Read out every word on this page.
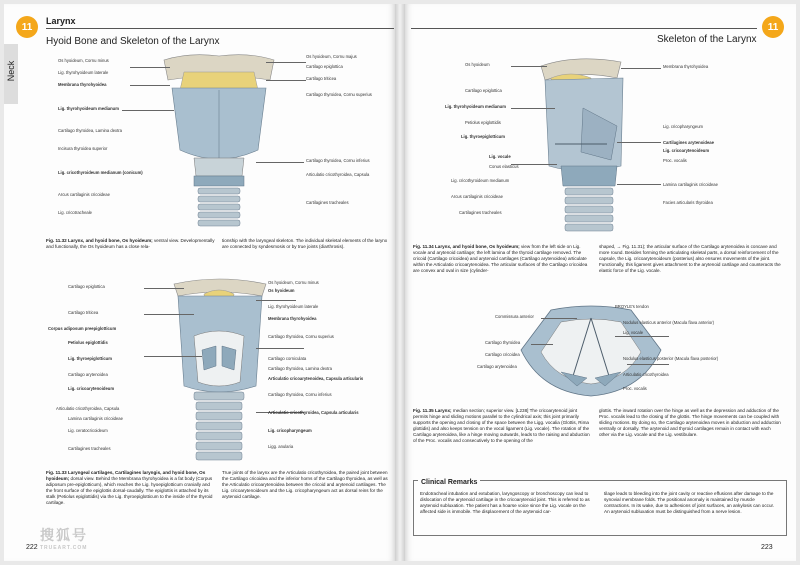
11
Larynx
Hyoid Bone and Skeleton of the Larynx
Neck
Os hyoideum, Cornu minus
Lig. thyrohyoideum laterale
Membrana thyrohyoidea
Lig. thyrohyoideum medianum
Cartilago thyroidea, Lamina dextra
Incisura thyroidea superior
Lig. cricothyroideum medianum (conicum)
Arcus cartilaginis cricoideae
Lig. cricotracheale
Os hyoideum, Cornu majus
Cartilago epiglottica
Cartilago triticea
Cartilago thyroidea, Cornu superius
Cartilago thyroidea, Cornu inferius
Articulatio cricothyroidea, Capsula
Cartilagines tracheales
Fig. 11.32 Larynx, and hyoid bone, Os hyoideum; ventral view. Developmentally and functionally, the Os hyoideum has a close rela-
tionship with the laryngeal skeleton. The individual skeletal elements of the larynx are connected by syndesmosis or by true joints (diarthrosis).
Cartilago epiglottica
Cartilago triticea
Corpus adiposum preepiglotticum
Petiolus epiglottidis
Lig. thyroepiglotticum
Cartilago arytenoidea
Lig. cricoarytenoideum
Articulatio cricothyroidea, Capsula
Lamina cartilaginis cricoideae
Lig. ceratocricoideum
Cartilagines tracheales
Os hyoideum, Cornu minus
Os hyoideum
Lig. thyrohyoideum laterale
Membrana thyrohyoidea
Cartilago thyroidea, Cornu superius
Cartilago corniculata
Cartilago thyroidea, Lamina dextra
Articulatio cricoarytenoidea, Capsula articularis
Cartilago thyroidea, Cornu inferius
Articulatio cricothyroidea, Capsula articularis
Lig. cricopharyngeum
Ligg. anularia
Fig. 11.33 Laryngeal cartilages, Cartilagines laryngis, and hyoid bone, Os hyoideum; dorsal view. Behind the Membrana thyrohyoidea is a fat body (Corpus adiposum pre-epiglotticum), which reaches the Lig. hyoepiglotticum cranially and the front surface of the epiglottis dorsal-caudally. The epiglottis is attached by its stalk (Petiolus epiglottidis) via the Lig. thyroepiglotticum to the inside of the thyroid cartilage.
True joints of the larynx are the Articulatio cricothyroidea, the paired joint between the Cartilago cricoidea and the inferior horns of the Cartilago thyroidea, as well as the Articulatio cricoarytenoidea between the cricoid and arytenoid cartilages. The Lig. cricoarytenoideum and the Lig. cricopharyngeum act as dorsal reins for the arytenoid cartilage.
222
11
Skeleton of the Larynx
Os hyoideum
Cartilago epiglottica
Lig. thyrohyoideum medianum
Petiolus epiglottidis
Lig. thyroepiglotticum
Lig. vocale
Conus elasticus
Lig. cricothyroideum medianum
Arcus cartilaginis cricoideae
Cartilagines tracheales
Membrana thyrohyoidea
Lig. cricopharyngeum
Cartilagines arytenoideae
Lig. cricoarytenoideum
Proc. vocalis
Lamina cartilaginis cricoideae
Facies articularis thyroidea
Fig. 11.34 Larynx, and hyoid bone, Os hyoideum; view from the left side on Lig. vocale and arytenoid cartilage; the left lamina of the thyroid cartilage removed. The cricoid (Cartilago cricoidea) and arytenoid cartilages (Cartilago arytenoidea) articulate within the Articulatio cricoarytenoidea. The articular surfaces of the Cartilago cricoidea are convex and oval in size (cylinder-
shaped, → Fig. 11.31); the articular surface of the Cartilago arytenoidea is concave and more round. Besides forming the articulating skeletal parts, a dorsal reinforcement of the capsule, the Lig. cricoarytenoideum (posterius) also ensures movements of the joint. Functionally, this ligament gives attachment to the arytenoid cartilage and counteracts the elastic force of the Lig. vocale.
Commissura anterior
Cartilago thyroidea
Cartilago cricoidea
Cartilago arytenoidea
BROYLE's tendon
Nodulus elasticus anterior (Macula flava anterior)
Lig. vocale
Nodulus elasticus posterior (Macula flava posterior)
Articulatio cricothyroidea
Proc. vocalis
Fig. 11.35 Larynx; median section; superior view. [L238] The cricoarytenoid joint permits hinge and sliding motions parallel to the cylindrical axis; this joint primarily supports the opening and closing of the space between the Ligg. vocalia (Glottis, Rima glottidis) and also keeps tension on the vocal ligament (Lig. vocale). The rotation of the Cartilago arytenoidea, like a hinge moving outwards, leads to the raising and abduction of the Proc. vocalis and consecutively to the opening of the
glottis. The inward rotation over the hinge as well as the depression and adduction of the Proc. vocalis lead to the closing of the glottis. The hinge movements can be coupled with sliding motions. By doing so, the Cartilago arytenoidea moves in abduction and adduction ventrally or dorsally. The arytenoid and thyroid cartilages remain in contact with each other via the Lig. vocale and the Lig. vestibulare.
Clinical Remarks
Endotracheal intubation and extubation, laryngoscopy or bronchoscopy can lead to dislocation of the arytenoid cartilage in the cricoarytenoid joint. This is referred to as arytenoid subluxation. The patient has a hoarse voice since the Lig. vocale on the affected side is immobile. The displacement of the arytenoid car-
tilage leads to bleeding into the joint cavity or reactive effusions after damage to the synovial membrane folds. The positional anomaly is maintained by muscle contractions. In its wake, due to adhesions of joint surfaces, an ankylosis can occur. An arytenoid subluxation must be distinguished from a nerve lesion.
223
搜狐号
TRUEART.COM
